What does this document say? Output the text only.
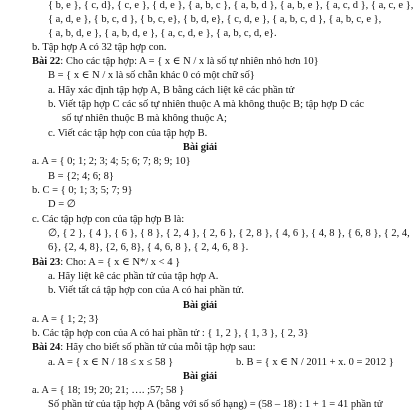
{ b, e }, { c, d}, { c, e }, { d, e }, { a, b, c }, { a, b, d }, { a, b, e }, { a, c, d }, { a, c, e },
{ a, d, e }, { b, c, d }, { b, c, e}, { b, d, e}, { c, d, e }, { a, b, c, d }, { a, b, c, e },
{ a, b, d, e }, { a, b, d, e }, { a, c, d, e }, { a, b, c, d, e}.
b. Tập hợp A có 32 tập hợp con.
Bài 22: Cho các tập hợp: A = { x ∈ N / x là số tự nhiên nhỏ hơn 10}
B = { x ∈ N / x là số chẵn khác 0 có một chữ số}
a. Hãy xác định tập hợp A, B bằng cách liệt kê các phần tử
b. Viết tập hợp C các số tự nhiên thuộc A mà không thuộc B; tập hợp D các
số tự nhiên thuộc B mà không thuộc A;
c. Viết các tập hợp con của tập hợp B.
Bài giải
a. A = { 0; 1; 2; 3; 4; 5; 6; 7; 8; 9; 10}
B = {2; 4; 6; 8}
b. C = { 0; 1; 3; 5; 7; 9}
D = ∅
c. Các tập hợp con của tập hợp B là:
∅, { 2 }, { 4 }, { 6 }, { 8 }, { 2, 4 }, { 2, 6 }, { 2, 8 }, { 4, 6 }, { 4, 8 }, { 6, 8 }, { 2, 4,
6}, {2, 4, 8}, {2, 6, 8}, { 4, 6, 8 }, { 2, 4, 6, 8 }.
Bài 23: Cho: A = { x ∈ N*/ x < 4 }
a. Hãy liệt kê các phần tử của tập hợp A.
b. Viết tất cả tập hợp con của A có hai phần tử.
Bài giải
a. A = { 1; 2; 3}
b. Các tập hợp con của A có hai phần tử : { 1, 2 }, { 1, 3 }, { 2, 3}
Bài 24: Hãy cho biết số phần tử của mỗi tập hợp sau:
a. A = { x ∈ N / 18 ≤ x ≤ 58 }	b. B = { x ∈ N / 2011 + x. 0 = 2012 }
Bài giải
a. A = { 18; 19; 20; 21; …. ;57; 58 }
Số phần tử của tập hợp A (bằng với số số hạng) = (58 – 18) : 1 + 1 = 41 phần tử
